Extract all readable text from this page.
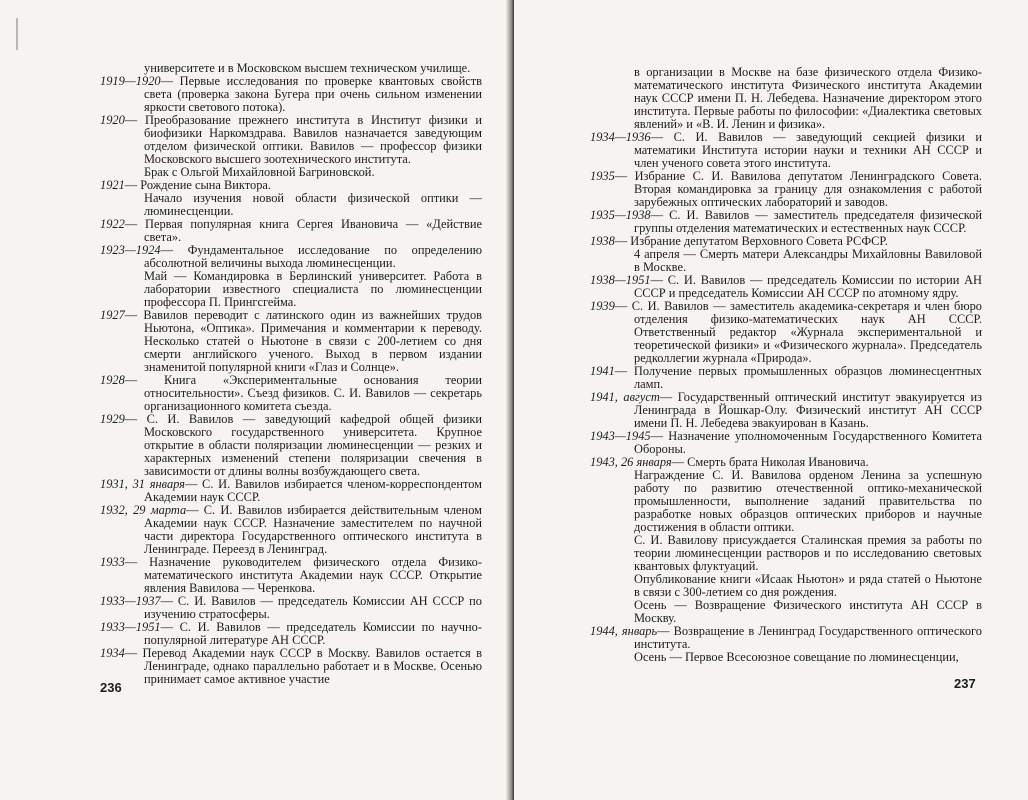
университете и в Московском высшем техническом училище.

1919—1920— Первые исследования по проверке квантовых свойств света (проверка закона Бугера при очень сильном изменении яркости светового потока).

1920— Преобразование прежнего института в Институт физики и биофизики Наркомздрава. Вавилов назначается заведующим отделом физической оптики. Вавилов — профессор физики Московского высшего зоотехнического института.

Брак с Ольгой Михайловной Багриновской.

1921— Рождение сына Виктора.

Начало изучения новой области физической оптики — люминесценции.

1922— Первая популярная книга Сергея Ивановича — «Действие света».

1923—1924— Фундаментальное исследование по определению абсолютной величины выхода люминесценции.

Май — Командировка в Берлинский университет. Работа в лаборатории известного специалиста по люминесценции профессора П. Прингсгейма.

1927— Вавилов переводит с латинского один из важнейших трудов Ньютона, «Оптика». Примечания и комментарии к переводу. Несколько статей о Ньютоне в связи с 200-летием со дня смерти английского ученого. Выход в первом издании знаменитой популярной книги «Глаз и Солнце».

1928— Книга «Экспериментальные основания теории относительности». Съезд физиков. С. И. Вавилов — секретарь организационного комитета съезда.

1929— С. И. Вавилов — заведующий кафедрой общей физики Московского государственного университета. Крупное открытие в области поляризации люминесценции — резких и характерных изменений степени поляризации свечения в зависимости от длины волны возбуждающего света.

1931, 31 января— С. И. Вавилов избирается членом-корреспондентом Академии наук СССР.

1932, 29 марта— С. И. Вавилов избирается действительным членом Академии наук СССР. Назначение заместителем по научной части директора Государственного оптического института в Ленинграде. Переезд в Ленинград.

1933— Назначение руководителем физического отдела Физико-математического института Академии наук СССР. Открытие явления Вавилова — Черенкова.

1933—1937— С. И. Вавилов — председатель Комиссии АН СССР по изучению стратосферы.

1933—1951— С. И. Вавилов — председатель Комиссии по научно-популярной литературе АН СССР.

1934— Перевод Академии наук СССР в Москву. Вавилов остается в Ленинграде, однако параллельно работает и в Москве. Осенью принимает самое активное участие

236

в организации в Москве на базе физического отдела Физико-математического института Физического института Академии наук СССР имени П. Н. Лебедева. Назначение директором этого института. Первые работы по философии: «Диалектика световых явлений» и «В. И. Ленин и физика».

1934—1936— С. И. Вавилов — заведующий секцией физики и математики Института истории науки и техники АН СССР и член ученого совета этого института.

1935— Избрание С. И. Вавилова депутатом Ленинградского Совета. Вторая командировка за границу для ознакомления с работой зарубежных оптических лабораторий и заводов.

1935—1938— С. И. Вавилов — заместитель председателя физической группы отделения математических и естественных наук СССР.

1938— Избрание депутатом Верховного Совета РСФСР.

4 апреля — Смерть матери Александры Михайловны Вавиловой в Москве.

1938—1951— С. И. Вавилов — председатель Комиссии по истории АН СССР и председатель Комиссии АН СССР по атомному ядру.

1939— С. И. Вавилов — заместитель академика-секретаря и член бюро отделения физико-математических наук АН СССР. Ответственный редактор «Журнала экспериментальной и теоретической физики» и «Физического журнала». Председатель редколлегии журнала «Природа».

1941— Получение первых промышленных образцов люминесцентных ламп.

1941, август— Государственный оптический институт эвакуируется из Ленинграда в Йошкар-Олу. Физический институт АН СССР имени П. Н. Лебедева эвакуирован в Казань.

1943—1945— Назначение уполномоченным Государственного Комитета Обороны.

1943, 26 января— Смерть брата Николая Ивановича.

Награждение С. И. Вавилова орденом Ленина за успешную работу по развитию отечественной оптико-механической промышленности, выполнение заданий правительства по разработке новых образцов оптических приборов и научные достижения в области оптики.

С. И. Вавилову присуждается Сталинская премия за работы по теории люминесценции растворов и по исследованию световых квантовых флуктуаций.

Опубликование книги «Исаак Ньютон» и ряда статей о Ньютоне в связи с 300-летием со дня рождения.

Осень — Возвращение Физического института АН СССР в Москву.

1944, январь— Возвращение в Ленинград Государственного оптического института.

Осень — Первое Всесоюзное совещание по люминесценции,

237
